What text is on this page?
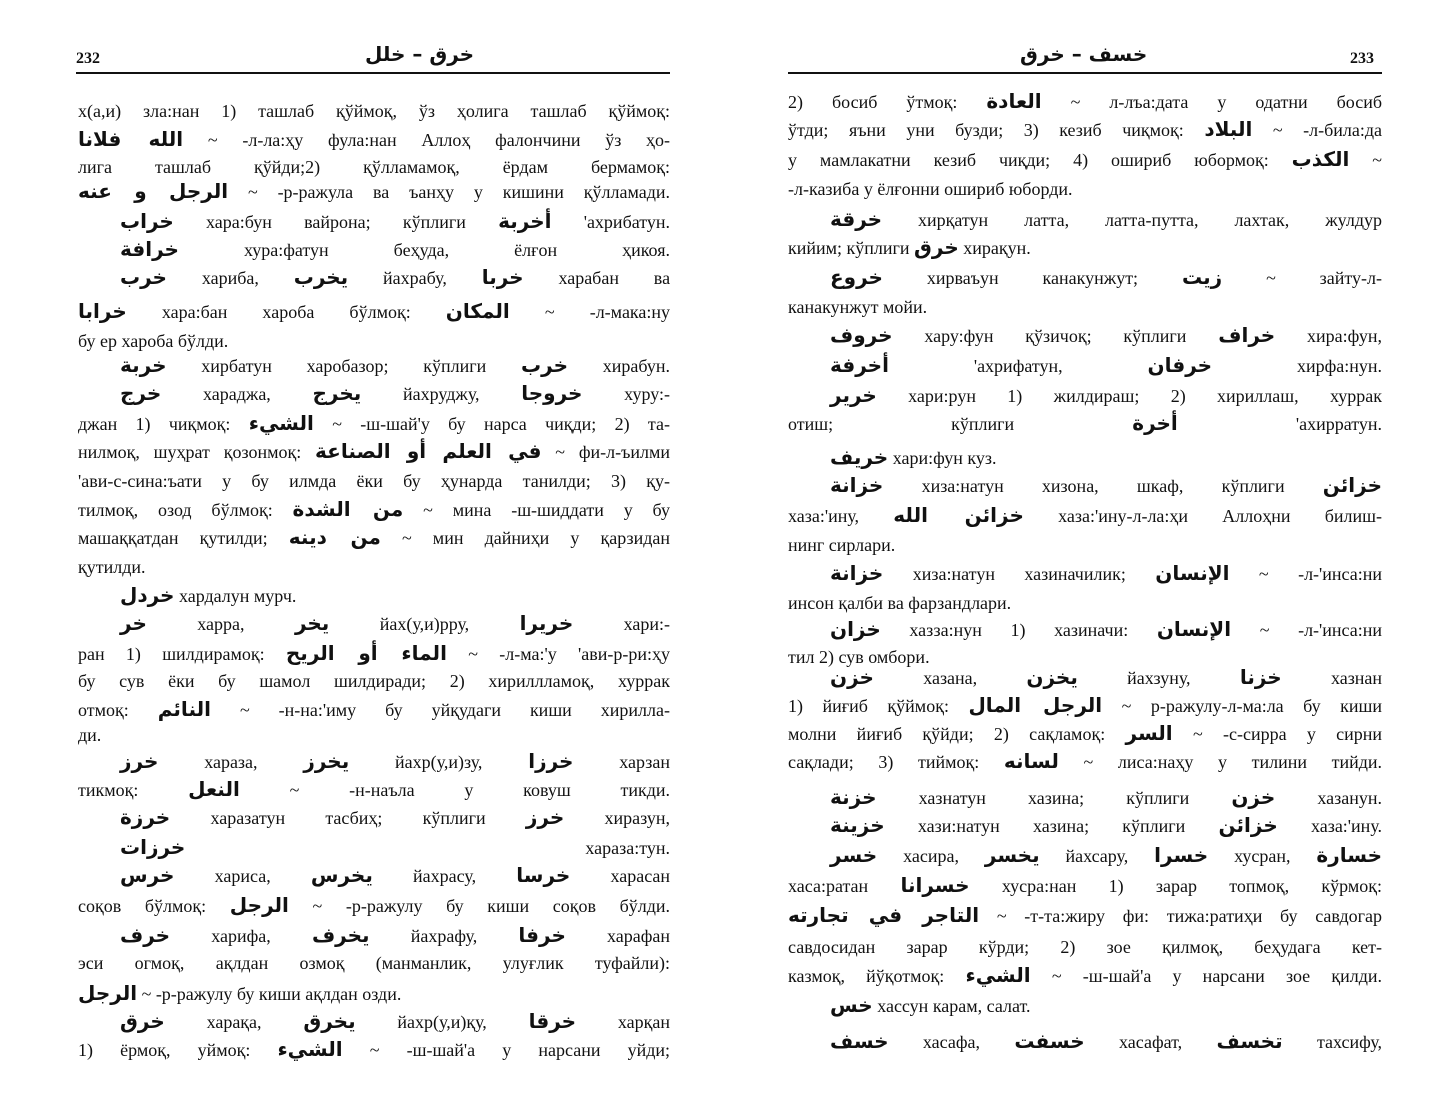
232	خرق – خلل
х(а,и) зла:нан 1) ташлаб қўймоқ, ўз ҳолига ташлаб қўймоқ:
الله فلانا ~ -л-ла:ҳу фула:нан Аллоҳ фалончини ўз ҳо-
лига ташлаб қўйди;2) қўлламамоқ, ёрдам бермамоқ:
الرجل و عنه ~ -р-ражула ва ъанҳу у кишини қўлламади.
خراب хара:бун вайрона; кўплиги أخربة 'ахрибатун.
خرافة	хура:фатун беҳуда, ёлғон ҳикоя.
خرب хариба, يخرب йахрабу, خربا харабан ва
خرابا хара:бан хароба бўлмоқ: المكان ~ -л-мака:ну
бу ер хароба бўлди.
خربة хирбатун харобазор; кўплиги خرب хирабун.
خرج хараджа, يخرج йахруджу, خروجا хуру:-
джан 1) чиқмоқ: الشيء ~ -ш-шай'у бу нарса чиқди; 2) та-
нилмоқ, шуҳрат қозонмоқ: في العلم أو الصناعة ~ фи-л-ъилми
'ави-с-сина:ъати у бу илмда ёки бу ҳунарда танилди; 3) қу-
тилмоқ, озод бўлмоқ: من الشدة ~ мина -ш-шиддати у бу
машаққатдан қутилди; من دينه ~ мин дайниҳи у қарзидан
қутилди.
خردل хардалун мурч.
خر	харра,	يخر	йах(у,и)рру,	خريرا	хари:-
ран 1) шилдирамоқ: الماء أو الريح ~ -л-ма:'у 'ави-р-ри:ҳу
бу сув ёки бу шамол шилдиради; 2) хириллламоқ, хуррак
отмоқ: النائم ~ -н-на:'иму бу уйқудаги киши хирилла-
ди.
خرز	хараза, يخرز	йахр(у,и)зу, خرزا	харзан
тикмоқ: النعل	~ -н-наъла у ковуш тикди.
خرزة харазатун тасбиҳ; кўплиги خرز хиразун,
خرزات	хараза:тун.
خرس хариса, يخرس йахрасу, خرسا харасан
соқов бўлмоқ: الرجل ~ -р-ражулу бу киши соқов бўлди.
خرف харифа, يخرف йахрафу, خرفا харафан
эси огмоқ, ақлдан озмоқ (манманлик, улуғлик туфайли):
الرجل ~ -р-ражулу бу киши ақлдан озди.
خرق харақа, يخرق йахр(у,и)қу, خرقا харқан
1) ёрмоқ, уймоқ: الشيء ~ -ш-шай'а у нарсани уйди;
233
خسف – خرق
2) босиб ўтмоқ: العادة ~ л-лъа:дата у одатни босиб
ўтди; яъни уни бузди; 3) кезиб чиқмоқ: البلاد ~ -л-била:да
у мамлакатни кезиб чиқди; 4) ошириб юбормоқ: الكذب ~
-л-казиба у ёлғонни ошириб юборди.
خرقة хирқатун латта, латта-путта, лахтак, жулдур
кийим; кўплиги خرق хирақун.
خروع хирваъун канакунжут; زيت ~ зайту-л-
канакунжут мойи.
خروف хару:фун қўзичоқ; кўплиги خراف хира:фун,
أخرفة	'ахрифатун,	خرفان	хирфа:нун.
خرير хари:рун 1) жилдираш; 2) хириллаш, хуррак
отиш; кўплиги	أخرة	'ахирратун.
خريف хари:фун куз.
خزانة хиза:натун хизона, шкаф, кўплиги خزائن
хаза:'ину, خزائن الله хаза:'ину-л-ла:ҳи Аллоҳни билиш-
нинг сирлари.
خزانة хиза:натун хазиначилик; الإنسان ~ -л-'инса:ни
инсон қалби ва фарзандлари.
خزان хазза:нун 1) хазиначи: الإنسان ~ -л-'инса:ни
тил 2) сув омбори.
خزن	хазана, يخزن	йахзуну, خزنا	хазнан
1) йиғиб қўймоқ: الرجل المال ~ р-ражулу-л-ма:ла бу киши
молни йиғиб қўйди; 2) сақламоқ: السر ~ -с-сирра у сирни
сақлади; 3) тиймоқ: لسانه ~ лиса:наҳу у тилини тийди.
خزنة хазнатун хазина; кўплиги خزن хазанун.
خزينة хази:натун хазина; кўплиги خزائن хаза:'ину.
خسر хасира, يخسر йахсару, خسرا хусран, خسارة
хаса:ратан خسرانا хусра:нан 1) зарар топмоқ, кўрмоқ:
التاجر في تجارته ~ -т-та:жиру фи: тижа:ратиҳи бу савдогар
савдосидан зарар кўрди; 2) зое қилмоқ, беҳудага кет-
казмоқ, йўқотмоқ: الشيء ~ -ш-шай'а у нарсани зое қилди.
خس хассун карам, салат.
خسف хасафа, خسفت хасафат, تخسف тахсифу,
